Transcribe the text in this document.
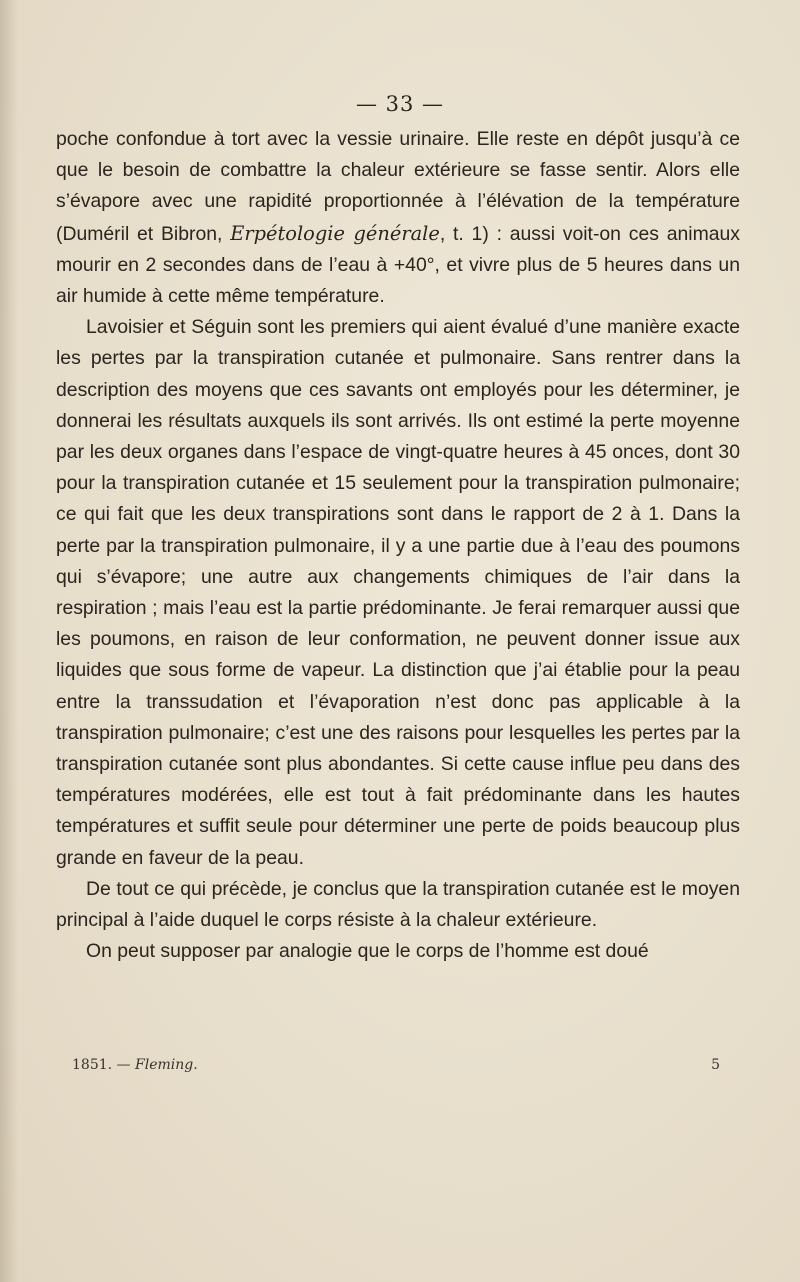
— 33 —

poche confondue à tort avec la vessie urinaire. Elle reste en dépôt jusqu’à ce que le besoin de combattre la chaleur extérieure se fasse sentir. Alors elle s’évapore avec une rapidité proportionnée à l’élévation de la température (Duméril et Bibron, Erpétologie générale, t. 1) : aussi voit-on ces animaux mourir en 2 secondes dans de l’eau à +40°, et vivre plus de 5 heures dans un air humide à cette même température.

Lavoisier et Séguin sont les premiers qui aient évalué d’une manière exacte les pertes par la transpiration cutanée et pulmonaire. Sans rentrer dans la description des moyens que ces savants ont employés pour les déterminer, je donnerai les résultats auxquels ils sont arrivés. Ils ont estimé la perte moyenne par les deux organes dans l’espace de vingt-quatre heures à 45 onces, dont 30 pour la transpiration cutanée et 15 seulement pour la transpiration pulmonaire; ce qui fait que les deux transpirations sont dans le rapport de 2 à 1. Dans la perte par la transpiration pulmonaire, il y a une partie due à l’eau des poumons qui s’évapore; une autre aux changements chimiques de l’air dans la respiration ; mais l’eau est la partie prédominante. Je ferai remarquer aussi que les poumons, en raison de leur conformation, ne peuvent donner issue aux liquides que sous forme de vapeur. La distinction que j’ai établie pour la peau entre la transsudation et l’évaporation n’est donc pas applicable à la transpiration pulmonaire; c’est une des raisons pour lesquelles les pertes par la transpiration cutanée sont plus abondantes. Si cette cause influe peu dans des températures modérées, elle est tout à fait prédominante dans les hautes températures et suffit seule pour déterminer une perte de poids beaucoup plus grande en faveur de la peau.

De tout ce qui précède, je conclus que la transpiration cutanée est le moyen principal à l’aide duquel le corps résiste à la chaleur extérieure.

On peut supposer par analogie que le corps de l’homme est doué

1851. — Fleming.	5
